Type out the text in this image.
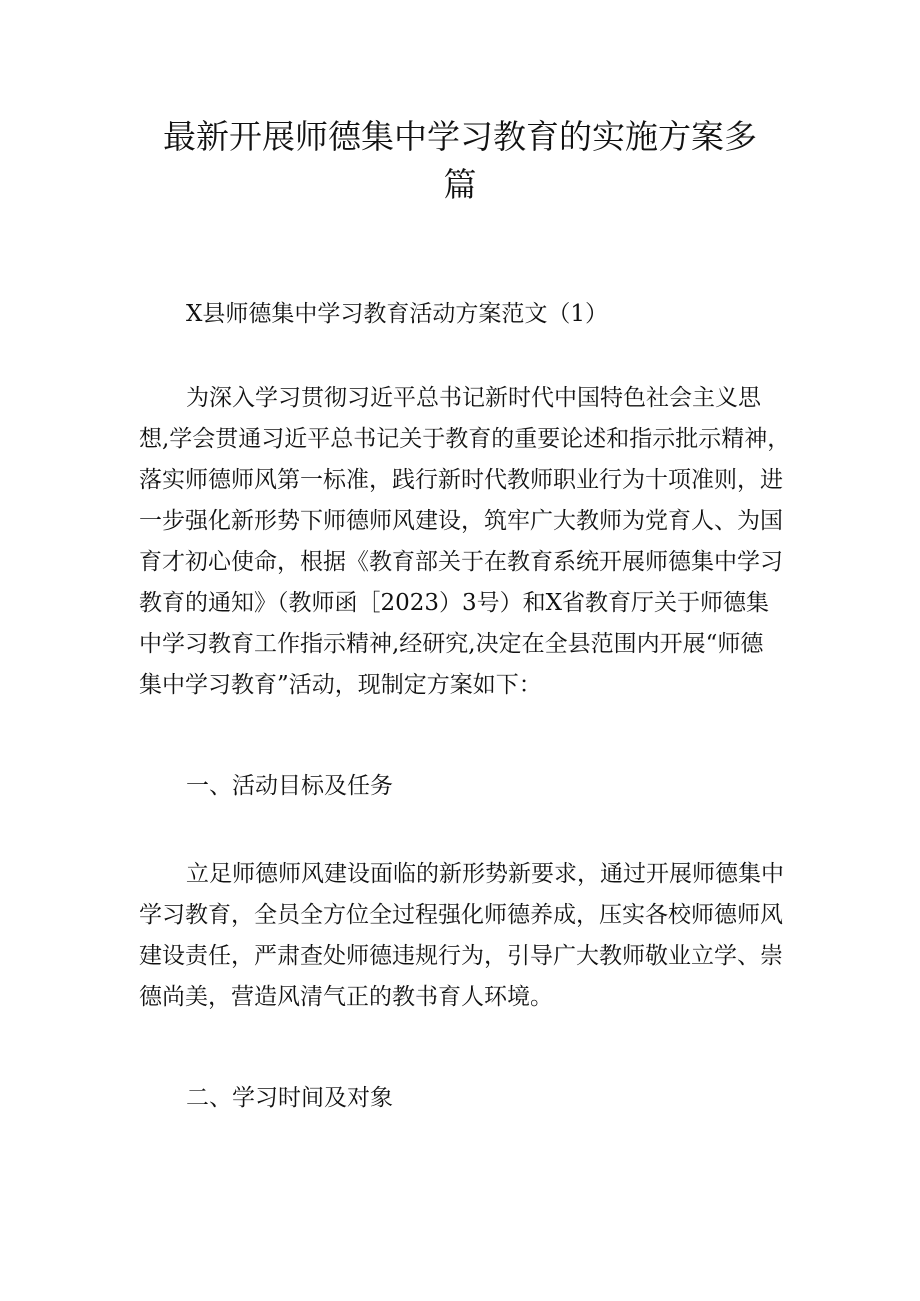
最新开展师德集中学习教育的实施方案多
篇
X县师德集中学习教育活动方案范文（1）
为深入学习贯彻习近平总书记新时代中国特色社会主义思
想,学会贯通习近平总书记关于教育的重要论述和指示批示精神，
落实师德师风第一标准，践行新时代教师职业行为十项准则，进
一步强化新形势下师德师风建设，筑牢广大教师为党育人、为国
育才初心使命，根据《教育部关于在教育系统开展师德集中学习
教育的通知》（教师函［2023）3号）和X省教育厅关于师德集
中学习教育工作指示精神,经研究,决定在全县范围内开展“师德
集中学习教育”活动，现制定方案如下：
一、活动目标及任务
立足师德师风建设面临的新形势新要求，通过开展师德集中
学习教育，全员全方位全过程强化师德养成，压实各校师德师风
建设责任，严肃查处师德违规行为，引导广大教师敬业立学、崇
德尚美，营造风清气正的教书育人环境。
二、学习时间及对象
